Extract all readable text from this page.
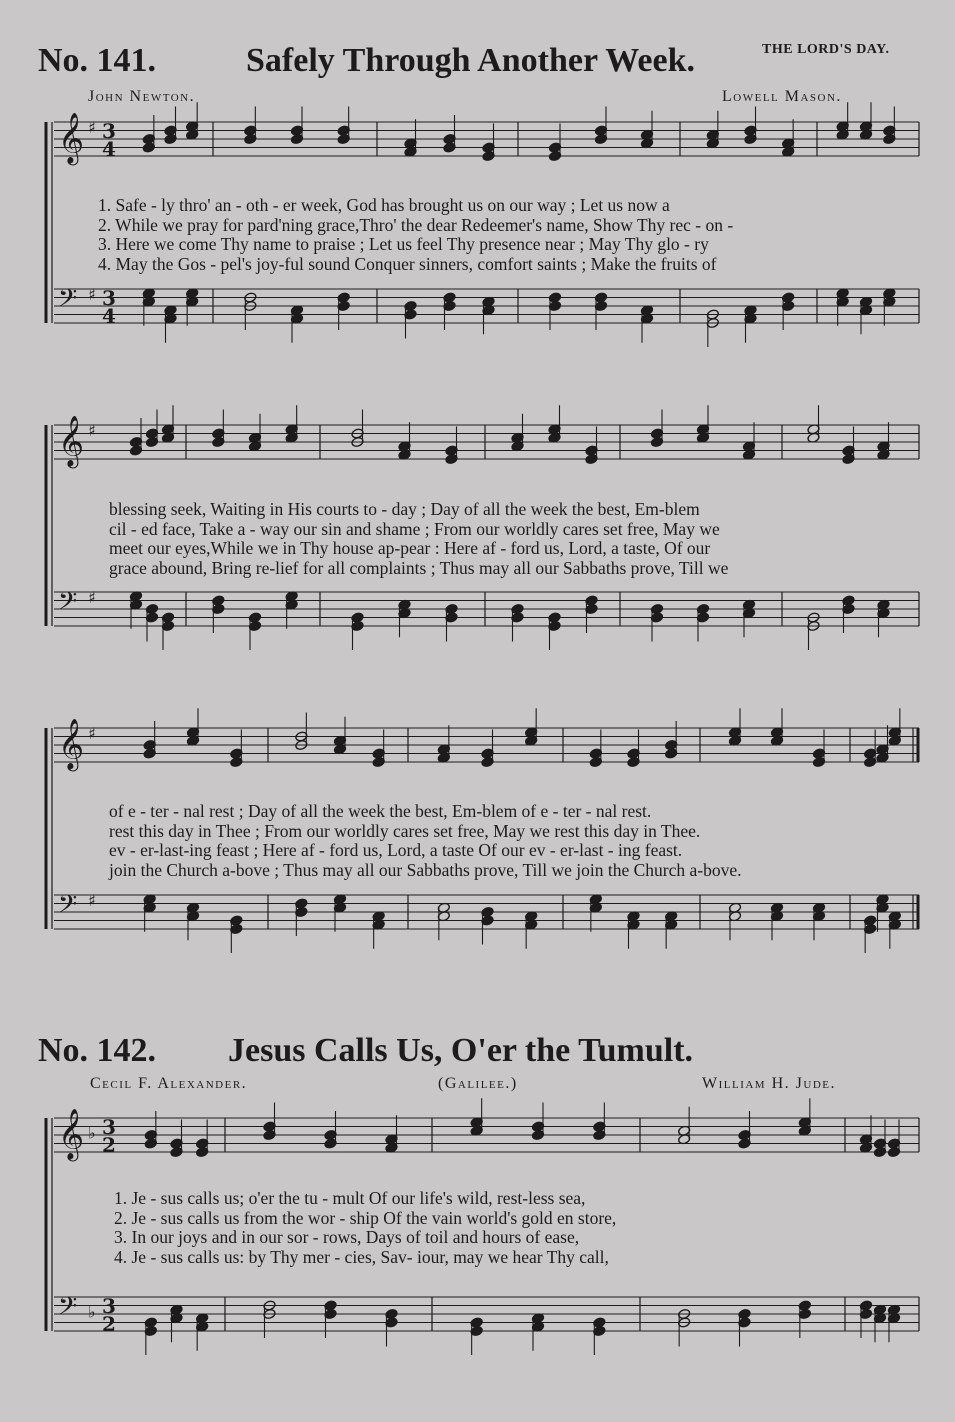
No. 141.	Safely Through Another Week.	THE LORD'S DAY.
John Newton.	Lowell Mason.
𝄞 ♯ 3
4
𝄢 ♯ 3
4
𝄞 ♯
𝄢 ♯
𝄞 ♯
𝄢 ♯
𝄞 ♭ 3
2
𝄢 ♭ 3
2
1. Safe - ly thro' an - oth - er week, God has brought us on our way ; Let us now a
2. While we pray for pard'ning grace,Thro' the dear Redeemer's name, Show Thy rec - on -
3. Here we come Thy name to praise ; Let us feel Thy presence near ; May Thy glo - ry
4. May the Gos - pel's joy-ful sound Conquer sinners, comfort saints ; Make the fruits of
blessing seek, Waiting in His courts to - day ; Day of all the week the best, Em-blem
cil - ed face, Take a - way our sin and shame ; From our worldly cares set free, May we
meet our eyes,While we in Thy house ap-pear : Here af - ford us, Lord, a taste, Of our
grace abound, Bring re-lief for all complaints ; Thus may all our Sabbaths prove, Till we
of e - ter - nal rest ; Day of all the week the best, Em-blem of e - ter - nal rest.
rest this day in Thee ; From our worldly cares set free, May we rest this day in Thee.
ev - er-last-ing feast ; Here af - ford us, Lord, a taste Of our ev - er-last - ing feast.
join the Church a-bove ; Thus may all our Sabbaths prove, Till we join the Church a-bove.
No. 142. Jesus Calls Us, O'er the Tumult.
Cecil F. Alexander.	(Galilee.)	William H. Jude.
1. Je - sus calls us; o'er the tu - mult Of our life's wild, rest-less sea,
2. Je - sus calls us from the wor - ship Of the vain world's gold en store,
3. In our joys and in our sor - rows, Days of toil and hours of ease,
4. Je - sus calls us: by Thy mer - cies, Sav- iour, may we hear Thy call,
